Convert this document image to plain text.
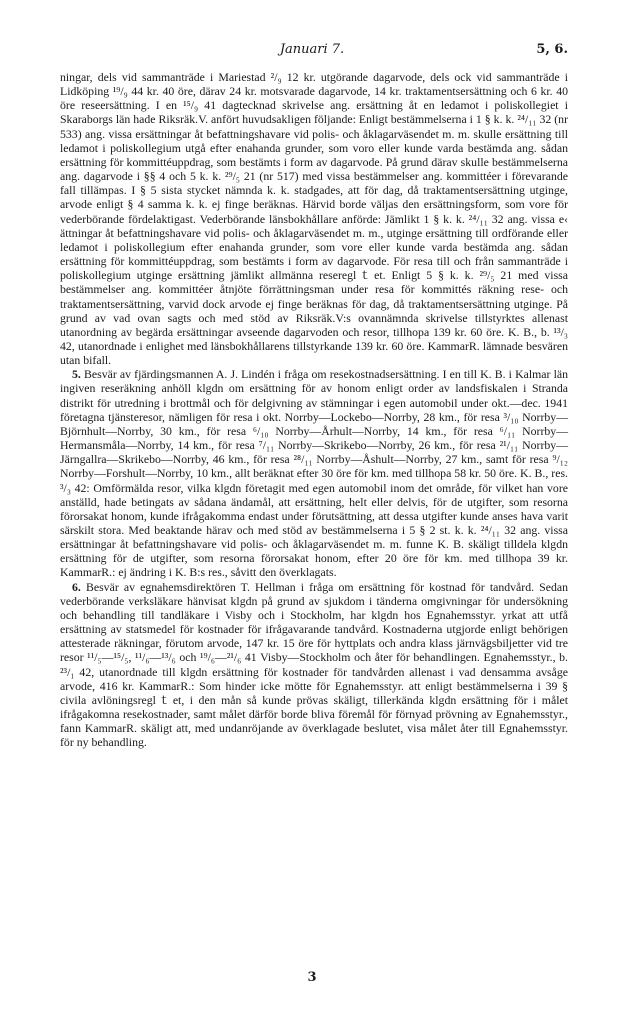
Januari 7.	5, 6.

ningar, dels vid sammanträde i Mariestad ²/₉ 12 kr. utgörande dagarvode, dels ock vid sammanträde i Lidköping ¹⁹/₉ 44 kr. 40 öre, därav 24 kr. motsvarade dagarvode, 14 kr. traktamentsersättning och 6 kr. 40 öre reseersättning. I en ¹⁵/₉ 41 dagtecknad skrivelse ang. ersättning åt en ledamot i poliskollegiet i Skaraborgs län hade Riksräk.V. anfört huvudsakligen följande: Enligt bestämmelserna i 1 § k. k. ²⁴/₁₁ 32 (nr 533) ang. vissa ersättningar åt befattningshavare vid polis- och åklagarväsendet m. m. skulle ersättning till ledamot i poliskollegium utgå efter enahanda grunder, som voro eller kunde varda bestämda ang. sådan ersättning för kommittéuppdrag, som bestämts i form av dagarvode. På grund därav skulle bestämmelserna ang. dagarvode i §§ 4 och 5 k. k. ²⁹/₅ 21 (nr 517) med vissa bestämmelser ang. kommittéer i förevarande fall tillämpas. I § 5 sista stycket nämnda k. k. stadgades, att för dag, då traktamentsersättning utginge, arvode enligt § 4 samma k. k. ej finge beräknas. Härvid borde väljas den ersättningsform, som vore för vederbörande fördelaktigast. Vederbörande länsbokhållare anförde: Jämlikt 1 § k. k. ²⁴/₁₁ 32 ang. vissa e‹ ättningar åt befattningshavare vid polis- och åklagarväsendet m. m., utginge ersättning till ordförande eller ledamot i poliskollegium efter enahanda grunder, som vore eller kunde varda bestämda ang. sådan ersättning för kommittéuppdrag, som bestämts i form av dagarvode. För resa till och från sammanträde i poliskollegium utginge ersättning jämlikt allmänna resereglｔet. Enligt 5 § k. k. ²⁹/₅ 21 med vissa bestämmelser ang. kommittéer åtnjöte förrättningsman under resa för kommittés räkning rese- och traktamentsersättning, varvid dock arvode ej finge beräknas för dag, då traktamentsersättning utginge. På grund av vad ovan sagts och med stöd av Riksräk.V:s ovannämnda skrivelse tillstyrktes allenast utanordning av begärda ersättningar avseende dagarvoden och resor, tillhopa 139 kr. 60 öre. K. B., b. ¹³/₃ 42, utanordnade i enlighet med länsbokhållarens tillstyrkande 139 kr. 60 öre. KammarR. lämnade besvären utan bifall.

5. Besvär av fjärdingsmannen A. J. Lindén i fråga om resekostnadsersättning. I en till K. B. i Kalmar län ingiven reseräkning anhöll klgdn om ersättning för av honom enligt order av landsfiskalen i Stranda distrikt för utredning i brottmål och för delgivning av stämningar i egen automobil under okt.—dec. 1941 företagna tjänsteresor, nämligen för resa i okt. Norrby—Lockebo—Norrby, 28 km., för resa ³/₁₀ Norrby—Björnhult—Norrby, 30 km., för resa ⁶/₁₀ Norrby—Århult—Norrby, 14 km., för resa ⁶/₁₁ Norrby—Hermansmåla—Norrby, 14 km., för resa ⁷/₁₁ Norrby—Skrikebo—Norrby, 26 km., för resa ²¹/₁₁ Norrby—Järngallra—Skrikebo—Norrby, 46 km., för resa ²⁸/₁₁ Norrby—Åshult—Norrby, 27 km., samt för resa ⁹/₁₂ Norrby—Forshult—Norrby, 10 km., allt beräknat efter 30 öre för km. med tillhopa 58 kr. 50 öre. K. B., res. ³/₃ 42: Omförmälda resor, vilka klgdn företagit med egen automobil inom det område, för vilket han vore anställd, hade betingats av sådana ändamål, att ersättning, helt eller delvis, för de utgifter, som resorna förorsakat honom, kunde ifrågakomma endast under förutsättning, att dessa utgifter kunde anses hava varit särskilt stora. Med beaktande härav och med stöd av bestämmelserna i 5 § 2 st. k. k. ²⁴/₁₁ 32 ang. vissa ersättningar åt befattningshavare vid polis- och åklagarväsendet m. m. funne K. B. skäligt tilldela klgdn ersättning för de utgifter, som resorna förorsakat honom, efter 20 öre för km. med tillhopa 39 kr. KammarR.: ej ändring i K. B:s res., såvitt den överklagats.

6. Besvär av egnahemsdirektören T. Hellman i fråga om ersättning för kostnad för tandvård. Sedan vederbörande verksläkare hänvisat klgdn på grund av sjukdom i tänderna omgivningar för undersökning och behandling till tandläkare i Visby och i Stockholm, har klgdn hos Egnahemsstyr. yrkat att utfå ersättning av statsmedel för kostnader för ifrågavarande tandvård. Kostnaderna utgjorde enligt behörigen attesterade räkningar, förutom arvode, 147 kr. 15 öre för hyttplats och andra klass järnvägsbiljetter vid tre resor ¹¹/₅—¹⁵/₅, ¹¹/₆—¹³/₆ och ¹⁹/₆—²¹/₆ 41 Visby—Stockholm och åter för behandlingen. Egnahemsstyr., b. ²³/₁ 42, utanordnade till klgdn ersättning för kostnader för tandvården allenast i vad densamma avsåge arvode, 416 kr. KammarR.: Som hinder icke mötte för Egnahemsstyr. att enligt bestämmelserna i 39 § civila avlöningsreglｔet, i den mån så kunde prövas skäligt, tillerkända klgdn ersättning för i målet ifrågakomna resekostnader, samt målet därför borde bliva föremål för förnyad prövning av Egnahemsstyr., fann KammarR. skäligt att, med undanröjande av överklagade beslutet, visa målet åter till Egnahemsstyr. för ny behandling.

3
